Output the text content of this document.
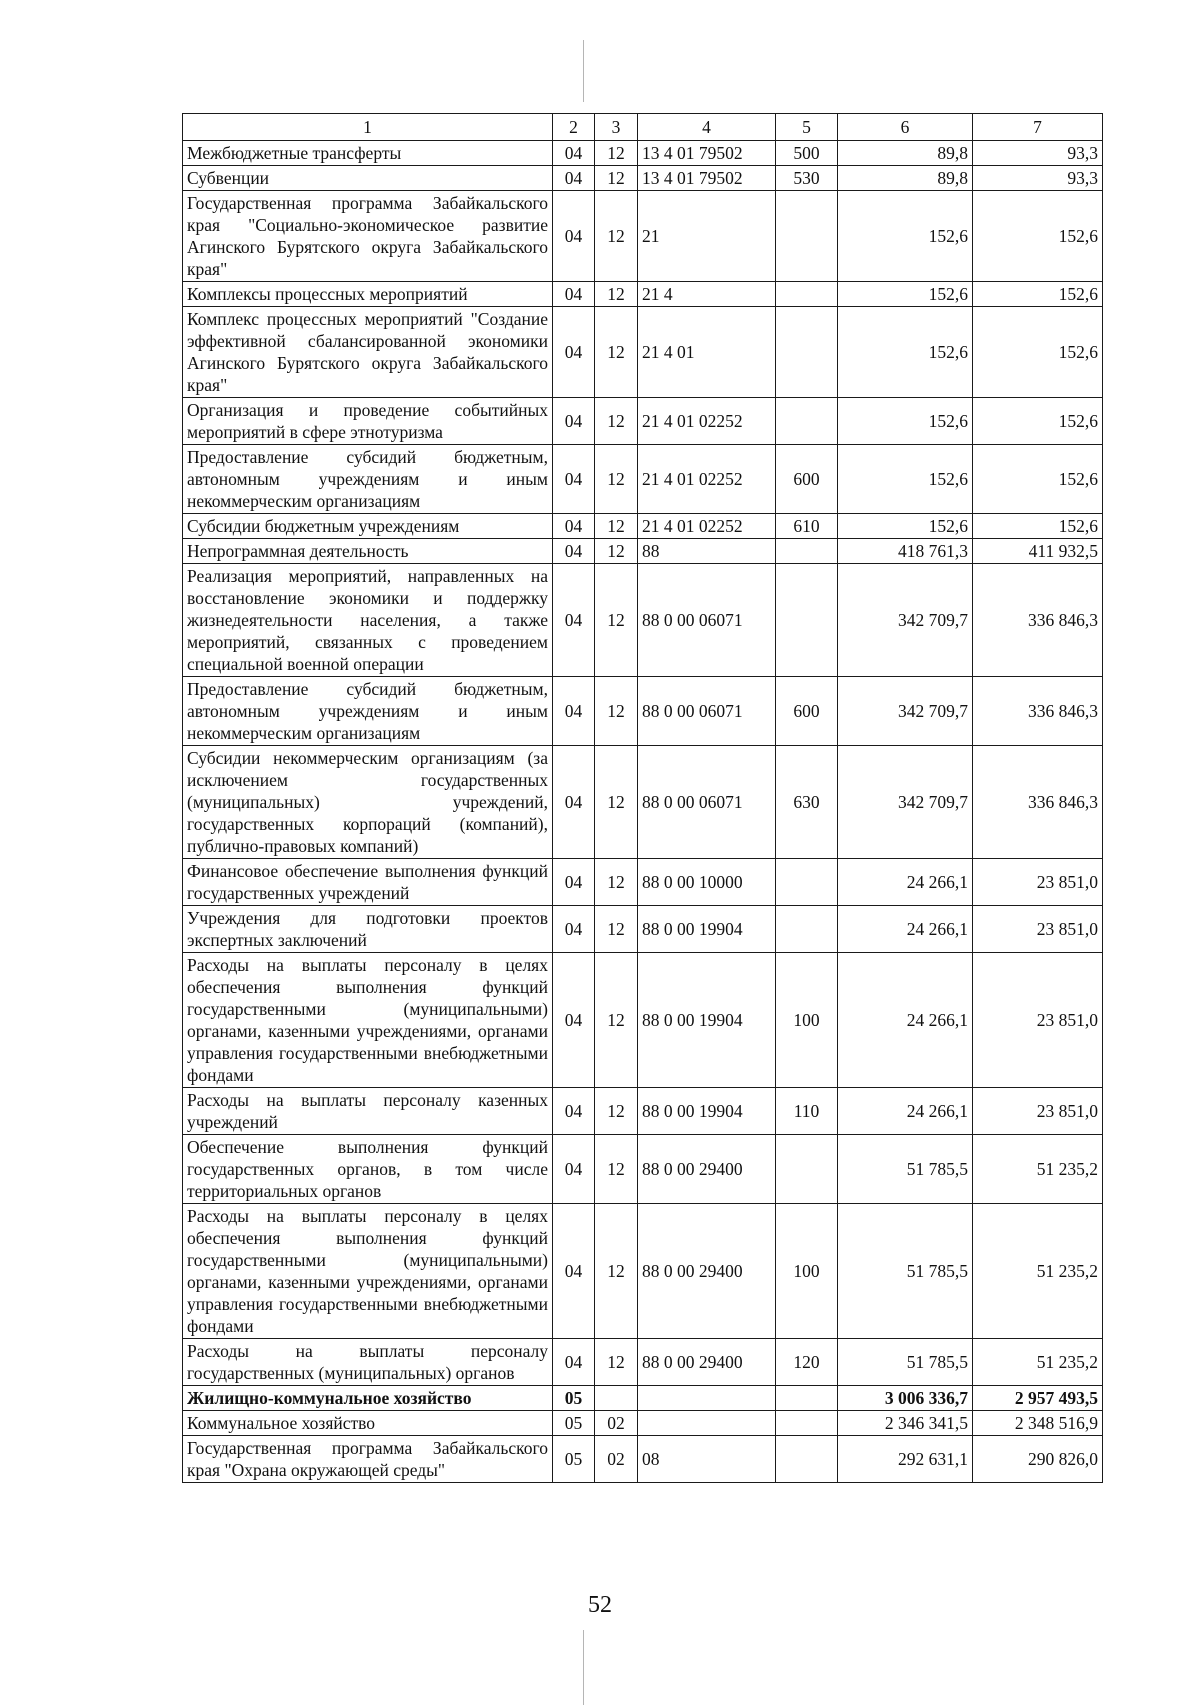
1	2	3	4	5	6	7
Межбюджетные трансферты	04	12	13 4 01 79502	500	89,8	93,3
Субвенции	04	12	13 4 01 79502	530	89,8	93,3
Государственная программа Забайкальского края "Социально-экономическое развитие Агинского Бурятского округа Забайкальского края"	04	12	21		152,6	152,6
Комплексы процессных мероприятий	04	12	21 4		152,6	152,6
Комплекс процессных мероприятий "Создание эффективной сбалансированной экономики Агинского Бурятского округа Забайкальского края"	04	12	21 4 01		152,6	152,6
Организация и проведение событийных мероприятий в сфере этнотуризма	04	12	21 4 01 02252		152,6	152,6
Предоставление субсидий бюджетным, автономным учреждениям и иным некоммерческим организациям	04	12	21 4 01 02252	600	152,6	152,6
Субсидии бюджетным учреждениям	04	12	21 4 01 02252	610	152,6	152,6
Непрограммная деятельность	04	12	88		418 761,3	411 932,5
Реализация мероприятий, направленных на восстановление экономики и поддержку жизнедеятельности населения, а также мероприятий, связанных с проведением специальной военной операции	04	12	88 0 00 06071		342 709,7	336 846,3
Предоставление субсидий бюджетным, автономным учреждениям и иным некоммерческим организациям	04	12	88 0 00 06071	600	342 709,7	336 846,3
Субсидии некоммерческим организациям (за исключением государственных (муниципальных) учреждений, государственных корпораций (компаний), публично-правовых компаний)	04	12	88 0 00 06071	630	342 709,7	336 846,3
Финансовое обеспечение выполнения функций государственных учреждений	04	12	88 0 00 10000		24 266,1	23 851,0
Учреждения для подготовки проектов экспертных заключений	04	12	88 0 00 19904		24 266,1	23 851,0
Расходы на выплаты персоналу в целях обеспечения выполнения функций государственными (муниципальными) органами, казенными учреждениями, органами управления государственными внебюджетными фондами	04	12	88 0 00 19904	100	24 266,1	23 851,0
Расходы на выплаты персоналу казенных учреждений	04	12	88 0 00 19904	110	24 266,1	23 851,0
Обеспечение выполнения функций государственных органов, в том числе территориальных органов	04	12	88 0 00 29400		51 785,5	51 235,2
Расходы на выплаты персоналу в целях обеспечения выполнения функций государственными (муниципальными) органами, казенными учреждениями, органами управления государственными внебюджетными фондами	04	12	88 0 00 29400	100	51 785,5	51 235,2
Расходы на выплаты персоналу государственных (муниципальных) органов	04	12	88 0 00 29400	120	51 785,5	51 235,2
Жилищно-коммунальное хозяйство	05				3 006 336,7	2 957 493,5
Коммунальное хозяйство	05	02			2 346 341,5	2 348 516,9
Государственная программа Забайкальского края "Охрана окружающей среды"	05	02	08		292 631,1	290 826,0
52
